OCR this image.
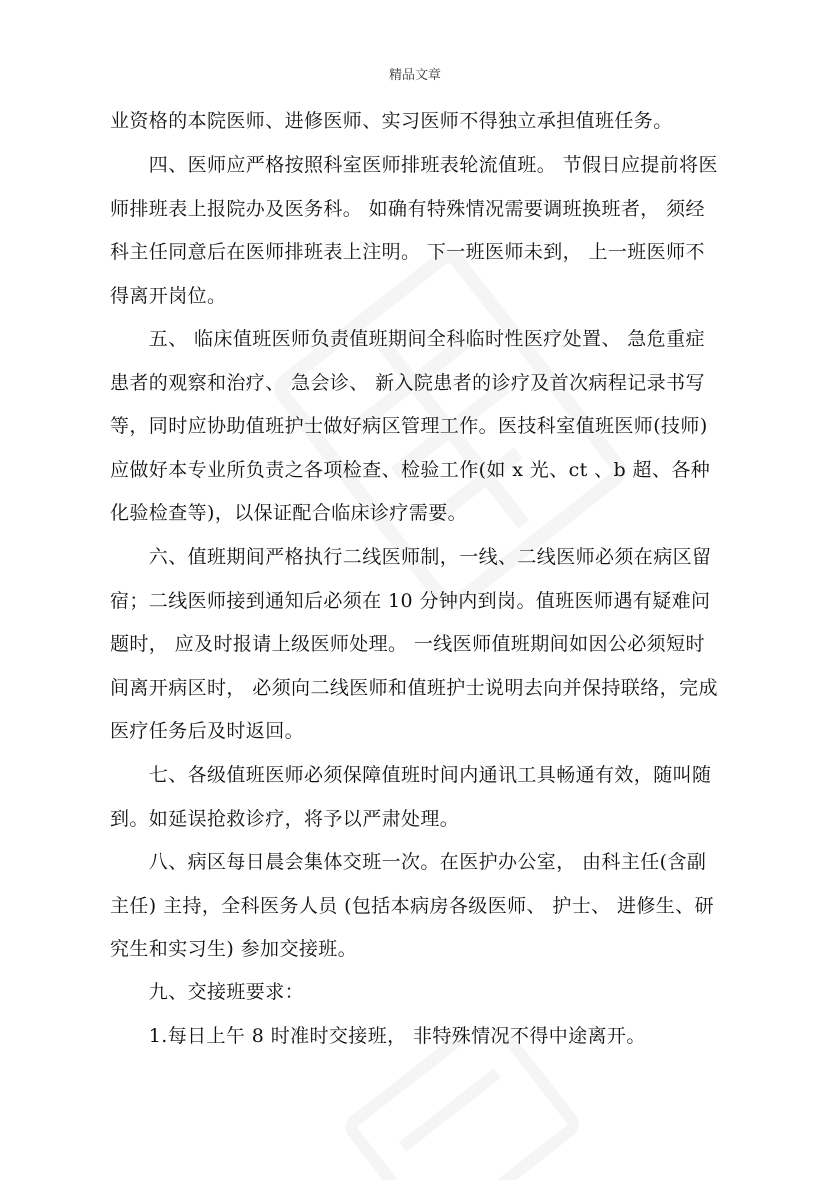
精品文章

业资格的本院医师、进修医师、实习医师不得独立承担值班任务。

　　四、医师应严格按照科室医师排班表轮流值班。 节假日应提前将医师排班表上报院办及医务科。 如确有特殊情况需要调班换班者， 须经科主任同意后在医师排班表上注明。 下一班医师未到， 上一班医师不得离开岗位。

　　五、 临床值班医师负责值班期间全科临时性医疗处置、 急危重症患者的观察和治疗、 急会诊、 新入院患者的诊疗及首次病程记录书写等，同时应协助值班护士做好病区管理工作。医技科室值班医师(技师)应做好本专业所负责之各项检查、检验工作(如 x 光、ct 、b 超、各种化验检查等)，以保证配合临床诊疗需要。

　　六、值班期间严格执行二线医师制，一线、二线医师必须在病区留宿；二线医师接到通知后必须在 10 分钟内到岗。值班医师遇有疑难问题时， 应及时报请上级医师处理。 一线医师值班期间如因公必须短时间离开病区时， 必须向二线医师和值班护士说明去向并保持联络，完成医疗任务后及时返回。

　　七、各级值班医师必须保障值班时间内通讯工具畅通有效，随叫随到。如延误抢救诊疗，将予以严肃处理。

　　八、病区每日晨会集体交班一次。在医护办公室， 由科主任(含副主任) 主持，全科医务人员 (包括本病房各级医师、 护士、 进修生、研究生和实习生) 参加交接班。

　　九、交接班要求：

　　1.每日上午 8 时准时交接班， 非特殊情况不得中途离开。
